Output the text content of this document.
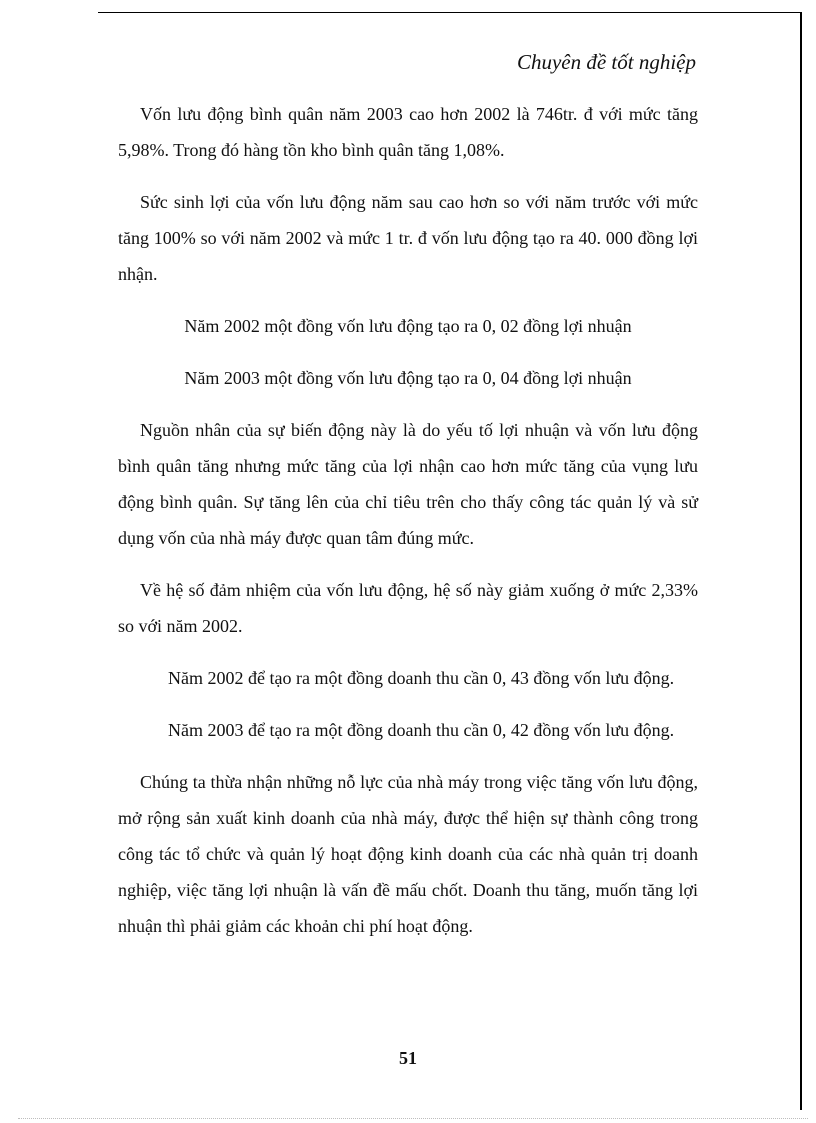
Chuyên đề tốt nghiệp

Vốn lưu động bình quân năm 2003 cao hơn 2002 là 746tr. đ với mức tăng 5,98%. Trong đó hàng tồn kho bình quân tăng 1,08%.

Sức sinh lợi của vốn lưu động năm sau cao hơn so với năm trước với mức tăng 100% so với năm 2002 và mức 1 tr. đ vốn lưu động tạo ra 40. 000 đồng lợi nhận.

Năm 2002 một đồng vốn lưu động tạo ra 0, 02 đồng lợi nhuận

Năm 2003 một đồng vốn lưu động tạo ra 0, 04 đồng lợi nhuận

Nguồn nhân của sự biến động này là do yếu tố lợi nhuận và vốn lưu động bình quân tăng nhưng mức tăng của lợi nhận cao hơn mức tăng của vụng lưu động bình quân. Sự tăng lên của chỉ tiêu trên cho thấy công tác quản lý và sử dụng vốn của nhà máy được quan tâm đúng mức.

Về hệ số đảm nhiệm của vốn lưu động, hệ số này giảm xuống ở mức 2,33% so với năm 2002.

Năm 2002 để tạo ra một đồng doanh thu cần 0, 43 đồng vốn lưu động.

Năm 2003 để tạo ra một đồng doanh thu cần 0, 42 đồng vốn lưu động.

Chúng ta thừa nhận những nỗ lực của nhà máy trong việc tăng vốn lưu động, mở rộng sản xuất kinh doanh của nhà máy, được thể hiện sự thành công trong công tác tổ chức và quản lý hoạt động kinh doanh của các nhà quản trị doanh nghiệp, việc tăng lợi nhuận là vấn đề mấu chốt. Doanh thu tăng, muốn tăng lợi nhuận thì phải giảm các khoản chi phí hoạt động.

51
